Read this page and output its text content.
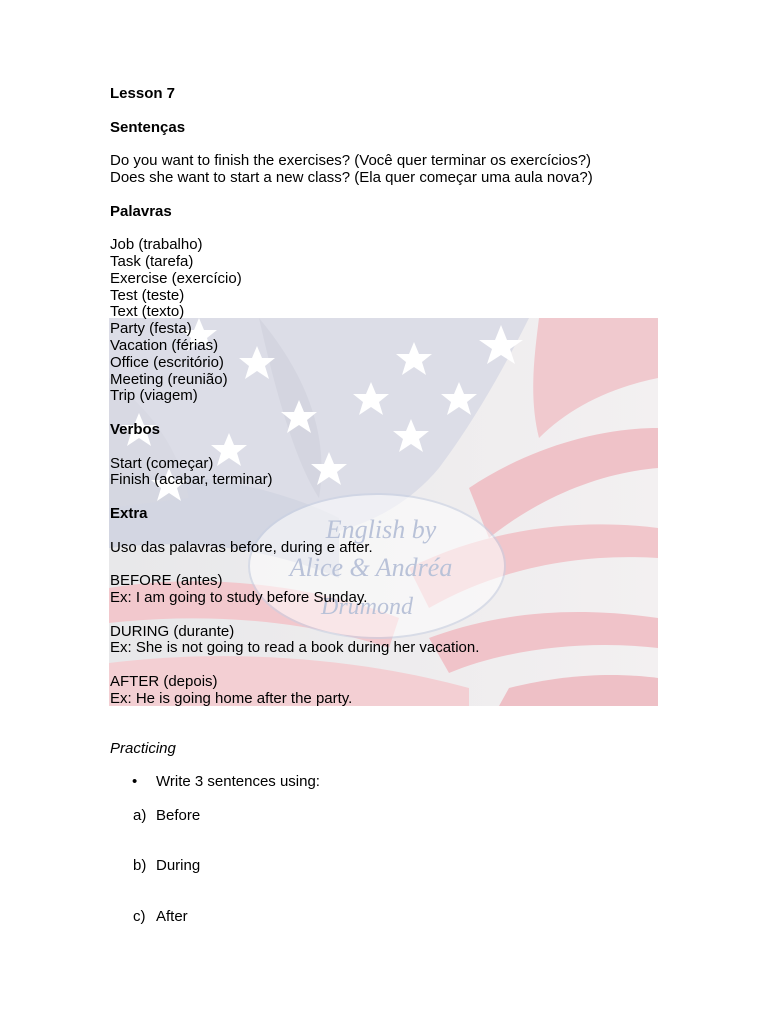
English by
Alice & Andréa
Drumond
Lesson 7
Sentenças
Do you want to finish the exercises? (Você quer terminar os exercícios?)
Does she want to start a new class? (Ela quer começar uma aula nova?)
Palavras
Job (trabalho)
Task (tarefa)
Exercise (exercício)
Test (teste)
Text (texto)
Party (festa)
Vacation (férias)
Office (escritório)
Meeting (reunião)
Trip (viagem)
Verbos
Start (começar)
Finish (acabar, terminar)
Extra
Uso das palavras before, during e after.
BEFORE (antes)
Ex: I am going to study before Sunday.
DURING (durante)
Ex: She is not going to read a book during her vacation.
AFTER (depois)
Ex: He is going home after the party.
Practicing
• Write 3 sentences using:
a) Before
b) During
c) After
